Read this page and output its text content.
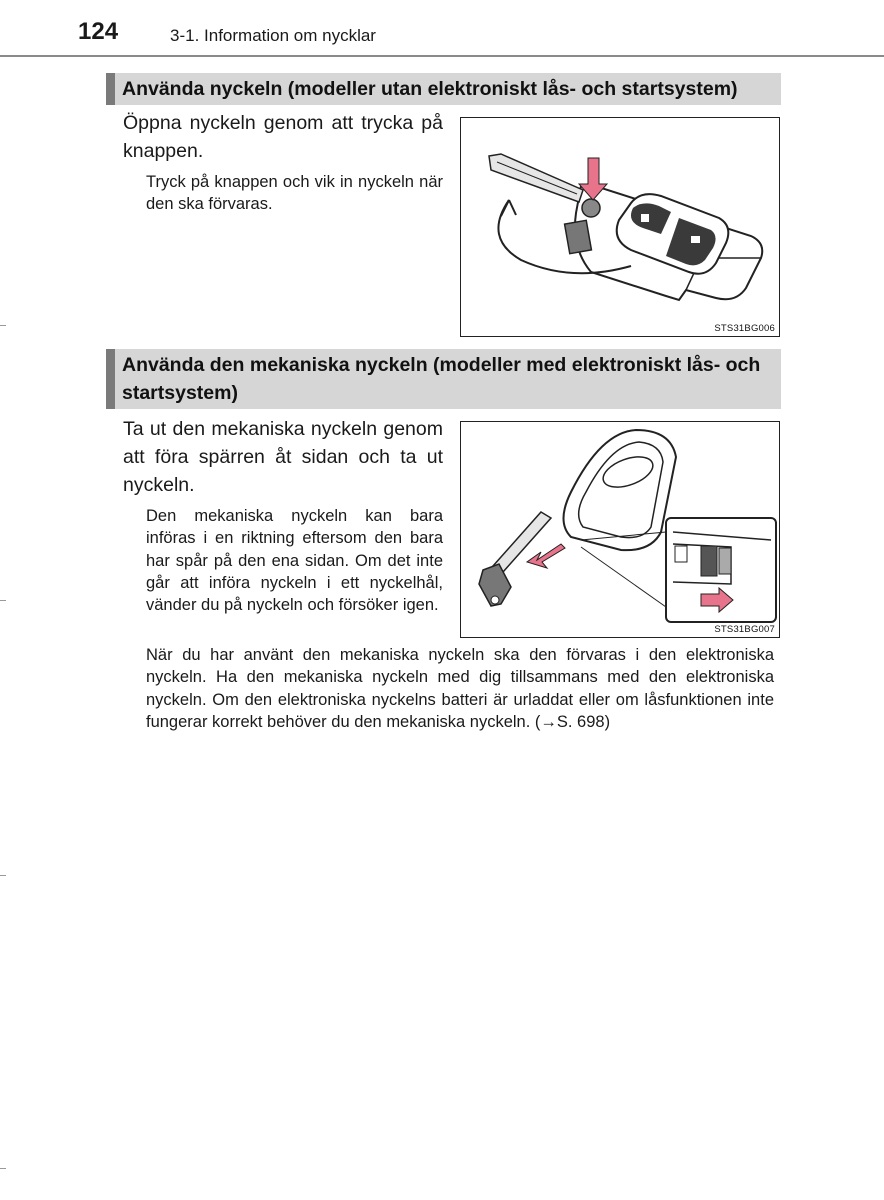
124	3-1. Information om nycklar
Använda nyckeln (modeller utan elektroniskt lås- och startsystem)
Öppna nyckeln genom att trycka på knappen.
Tryck på knappen och vik in nyckeln när den ska förvaras.
STS31BG006
Använda den mekaniska nyckeln (modeller med elektroniskt lås- och startsystem)
Ta ut den mekaniska nyckeln genom att föra spärren åt sidan och ta ut nyckeln.
Den mekaniska nyckeln kan bara införas i en riktning eftersom den bara har spår på den ena sidan. Om det inte går att införa nyckeln i ett nyckelhål, vänder du på nyckeln och försöker igen.
STS31BG007
När du har använt den mekaniska nyckeln ska den förvaras i den elektroniska nyckeln. Ha den mekaniska nyckeln med dig tillsammans med den elektroniska nyckeln. Om den elektroniska nyckelns batteri är urladdat eller om låsfunktionen inte fungerar korrekt behöver du den mekaniska nyckeln. (→S. 698)
